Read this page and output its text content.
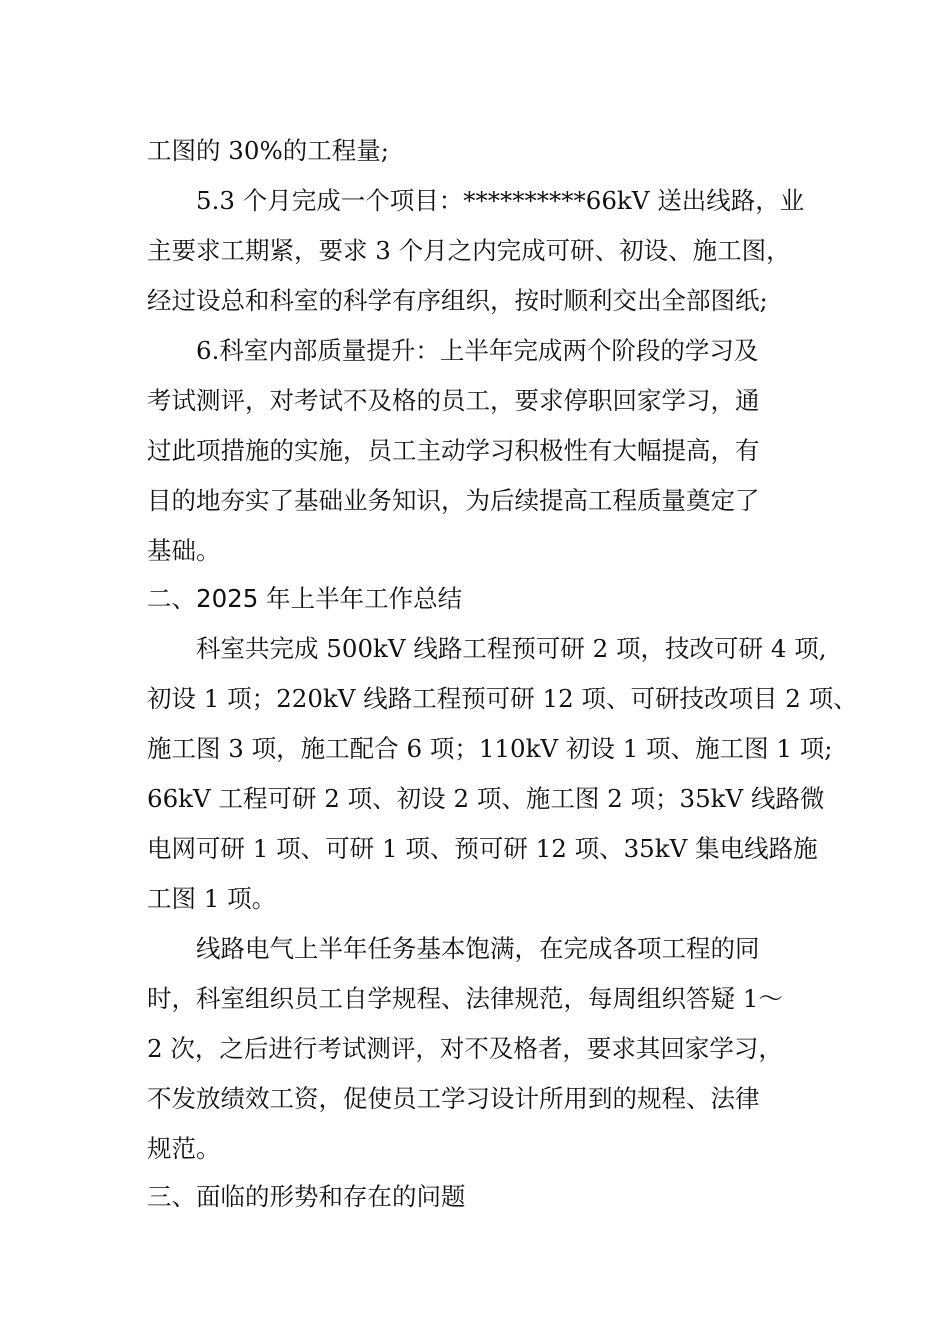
工图的 30%的工程量;
5.3 个月完成一个项目：**********66kV 送出线路，业
主要求工期紧，要求 3 个月之内完成可研、初设、施工图，
经过设总和科室的科学有序组织，按时顺利交出全部图纸;
6.科室内部质量提升：上半年完成两个阶段的学习及
考试测评，对考试不及格的员工，要求停职回家学习，通
过此项措施的实施，员工主动学习积极性有大幅提高，有
目的地夯实了基础业务知识，为后续提高工程质量奠定了
基础。
二、2025 年上半年工作总结
科室共完成 500kV 线路工程预可研 2 项，技改可研 4 项,
初设 1 项；220kV 线路工程预可研 12 项、可研技改项目 2 项、
施工图 3 项，施工配合 6 项；110kV 初设 1 项、施工图 1 项;
66kV 工程可研 2 项、初设 2 项、施工图 2 项；35kV 线路微
电网可研 1 项、可研 1 项、预可研 12 项、35kV 集电线路施
工图 1 项。
线路电气上半年任务基本饱满，在完成各项工程的同
时，科室组织员工自学规程、法律规范，每周组织答疑 1～
2 次，之后进行考试测评，对不及格者，要求其回家学习，
不发放绩效工资，促使员工学习设计所用到的规程、法律
规范。
三、面临的形势和存在的问题
